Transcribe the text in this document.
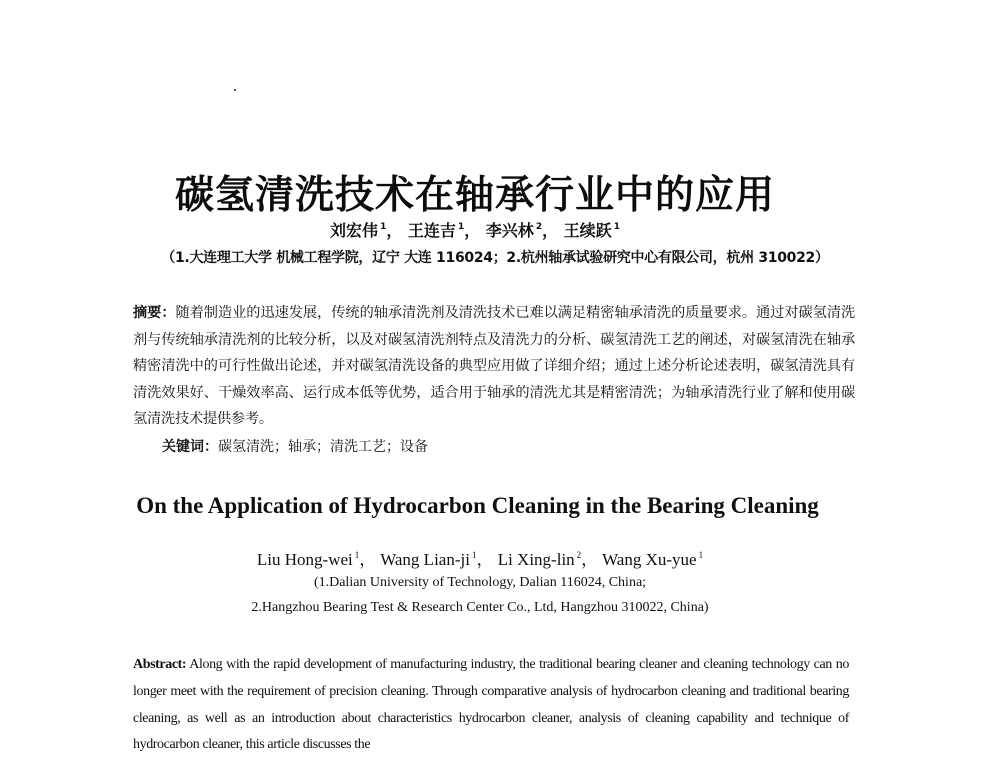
碳氢清洗技术在轴承行业中的应用
刘宏伟 $^1$， 王连吉 $^1$， 李兴林 $^2$， 王续跃 $^1$
（1.大连理工大学 机械工程学院，辽宁 大连 116024；2.杭州轴承试验研究中心有限公司，杭州 310022）
摘要：随着制造业的迅速发展，传统的轴承清洗剂及清洗技术已难以满足精密轴承清洗的质量要求。通过对碳氢清洗剂与传统轴承清洗剂的比较分析，以及对碳氢清洗剂特点及清洗力的分析、碳氢清洗工艺的阐述，对碳氢清洗在轴承精密清洗中的可行性做出论述，并对碳氢清洗设备的典型应用做了详细介绍；通过上述分析论述表明，碳氢清洗具有清洗效果好、干燥效率高、运行成本低等优势，适合用于轴承的清洗尤其是精密清洗；为轴承清洗行业了解和使用碳氢清洗技术提供参考。
关键词：碳氢清洗；轴承；清洗工艺；设备
On the Application of Hydrocarbon Cleaning in the Bearing Cleaning
Liu Hong-wei $^1$， Wang Lian-ji $^1$， Li Xing-lin $^2$， Wang Xu-yue $^1$
(1.Dalian University of Technology, Dalian 116024, China;
2.Hangzhou Bearing Test & Research Center Co., Ltd, Hangzhou 310022, China)
Abstract: Along with the rapid development of manufacturing industry, the traditional bearing cleaner and cleaning technology can no longer meet with the requirement of precision cleaning. Through comparative analysis of hydrocarbon cleaning and traditional bearing cleaning, as well as an introduction about characteristics hydrocarbon cleaner, analysis of cleaning capability and technique of hydrocarbon cleaner, this article discusses the
